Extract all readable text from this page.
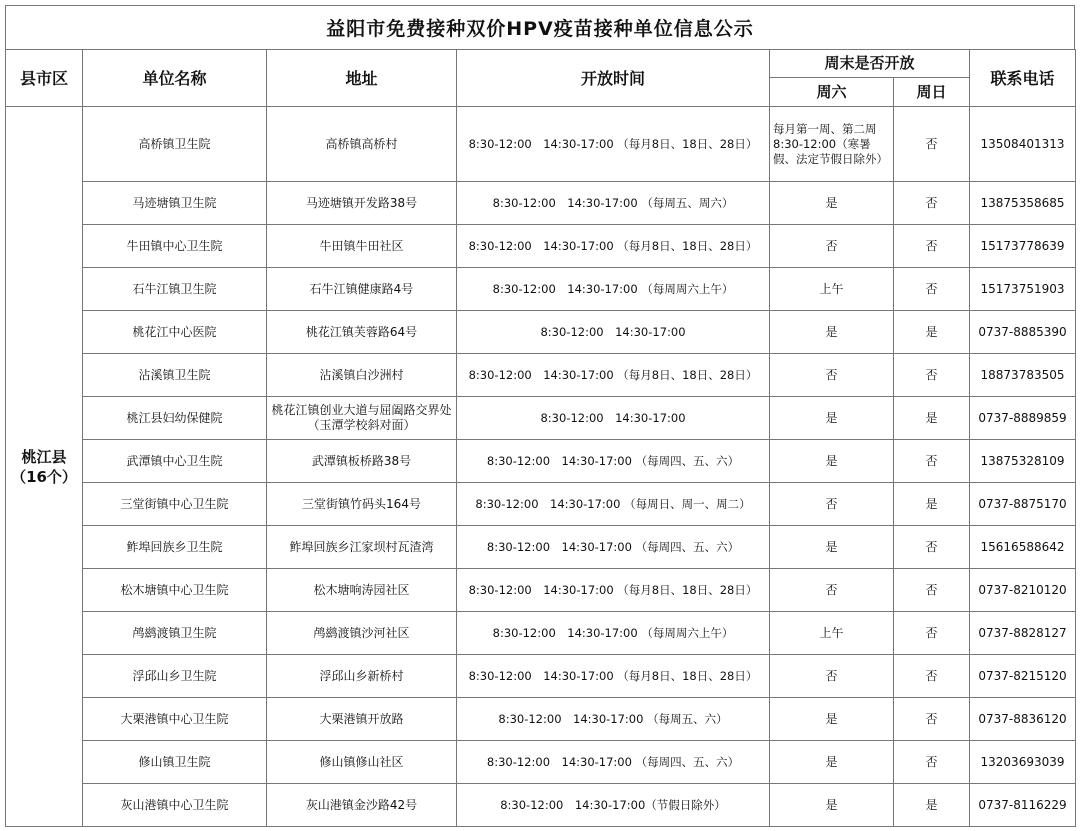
益阳市免费接种双价HPV疫苗接种单位信息公示
县市区	单位名称	地址	开放时间	周末是否开放		联系电话
				周六	周日	

桃江县
（16个）	高桥镇卫生院	高桥镇高桥村	8:30-12:00　14:30-17:00 （每月8日、18日、28日）	每月第一周、第二周8:30-12:00（寒暑假、法定节假日除外）	否	13508401313
	马迹塘镇卫生院	马迹塘镇开发路38号	8:30-12:00　14:30-17:00 （每周五、周六）	是	否	13875358685
	牛田镇中心卫生院	牛田镇牛田社区	8:30-12:00　14:30-17:00 （每月8日、18日、28日）	否	否	15173778639
	石牛江镇卫生院	石牛江镇健康路4号	8:30-12:00　14:30-17:00 （每周周六上午）	上午	否	15173751903
	桃花江中心医院	桃花江镇芙蓉路64号	8:30-12:00　14:30-17:00	是	是	0737-8885390
	沾溪镇卫生院	沾溪镇白沙洲村	8:30-12:00　14:30-17:00 （每月8日、18日、28日）	否	否	18873783505
	桃江县妇幼保健院	桃花江镇创业大道与屈阖路交界处（玉潭学校斜对面）	8:30-12:00　14:30-17:00	是	是	0737-8889859
	武潭镇中心卫生院	武潭镇板桥路38号	8:30-12:00　14:30-17:00 （每周四、五、六）	是	否	13875328109
	三堂街镇中心卫生院	三堂街镇竹码头164号	8:30-12:00　14:30-17:00 （每周日、周一、周二）	否	是	0737-8875170
	鲊埠回族乡卫生院	鲊埠回族乡江家坝村瓦渣湾	8:30-12:00　14:30-17:00 （每周四、五、六）	是	否	15616588642
	松木塘镇中心卫生院	松木塘响涛园社区	8:30-12:00　14:30-17:00 （每月8日、18日、28日）	否	否	0737-8210120
	鸬鹚渡镇卫生院	鸬鹚渡镇沙河社区	8:30-12:00　14:30-17:00 （每周周六上午）	上午	否	0737-8828127
	浮邱山乡卫生院	浮邱山乡新桥村	8:30-12:00　14:30-17:00 （每月8日、18日、28日）	否	否	0737-8215120
	大栗港镇中心卫生院	大栗港镇开放路	8:30-12:00　14:30-17:00 （每周五、六）	是	否	0737-8836120
	修山镇卫生院	修山镇修山社区	8:30-12:00　14:30-17:00 （每周四、五、六）	是	否	13203693039
	灰山港镇中心卫生院	灰山港镇金沙路42号	8:30-12:00　14:30-17:00（节假日除外）	是	是	0737-8116229
